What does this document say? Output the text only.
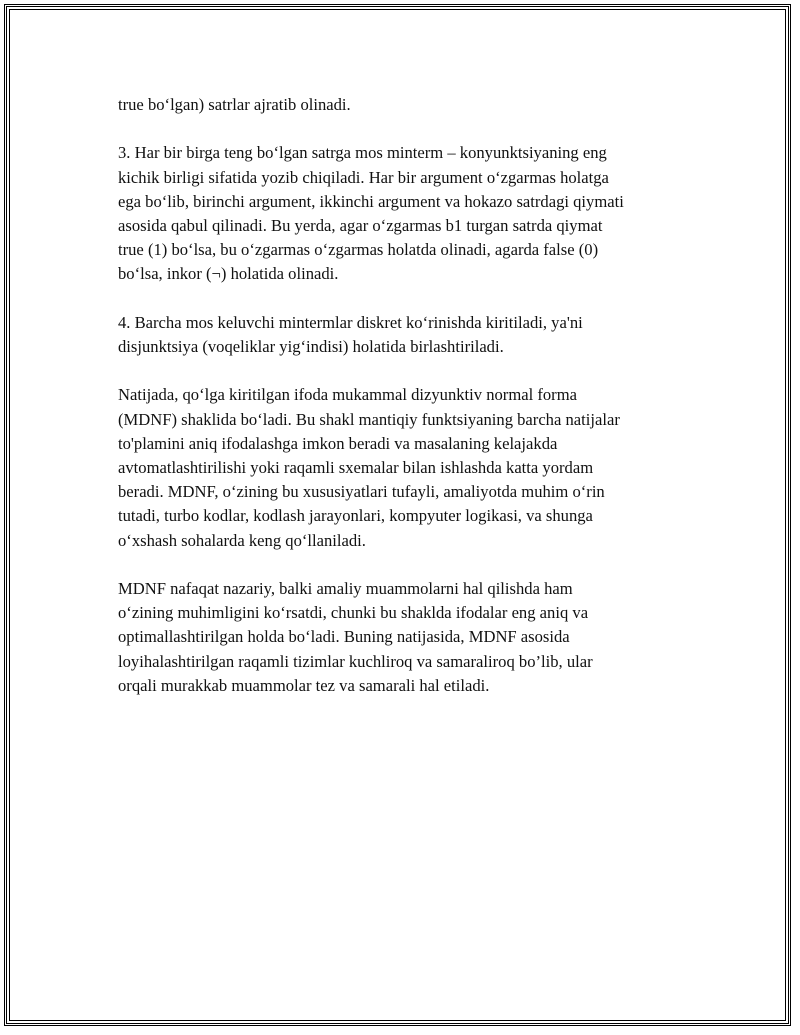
true bo‘lgan) satrlar ajratib olinadi.

3. Har bir birga teng bo‘lgan satrga mos minterm – konyunktsiyaning eng
kichik birligi sifatida yozib chiqiladi. Har bir argument o‘zgarmas holatga
ega bo‘lib, birinchi argument, ikkinchi argument va hokazo satrdagi qiymati
asosida qabul qilinadi. Bu yerda, agar o‘zgarmas b1 turgan satrda qiymat
true (1) bo‘lsa, bu o‘zgarmas o‘zgarmas holatda olinadi, agarda false (0)
bo‘lsa, inkor (¬) holatida olinadi.

4. Barcha mos keluvchi mintermlar diskret ko‘rinishda kiritiladi, ya'ni
disjunktsiya (voqeliklar yig‘indisi) holatida birlashtiriladi.

Natijada, qo‘lga kiritilgan ifoda mukammal dizyunktiv normal forma
(MDNF) shaklida bo‘ladi. Bu shakl mantiqiy funktsiyaning barcha natijalar
to'plamini aniq ifodalashga imkon beradi va masalaning kelajakda
avtomatlashtirilishi yoki raqamli sxemalar bilan ishlashda katta yordam
beradi. MDNF, o‘zining bu xususiyatlari tufayli, amaliyotda muhim o‘rin
tutadi, turbo kodlar, kodlash jarayonlari, kompyuter logikasi, va shunga
o‘xshash sohalarda keng qo‘llaniladi.

MDNF nafaqat nazariy, balki amaliy muammolarni hal qilishda ham
o‘zining muhimligini ko‘rsatdi, chunki bu shaklda ifodalar eng aniq va
optimallashtirilgan holda bo‘ladi. Buning natijasida, MDNF asosida
loyihalashtirilgan raqamli tizimlar kuchliroq va samaraliroq bo’lib, ular
orqali murakkab muammolar tez va samarali hal etiladi.
